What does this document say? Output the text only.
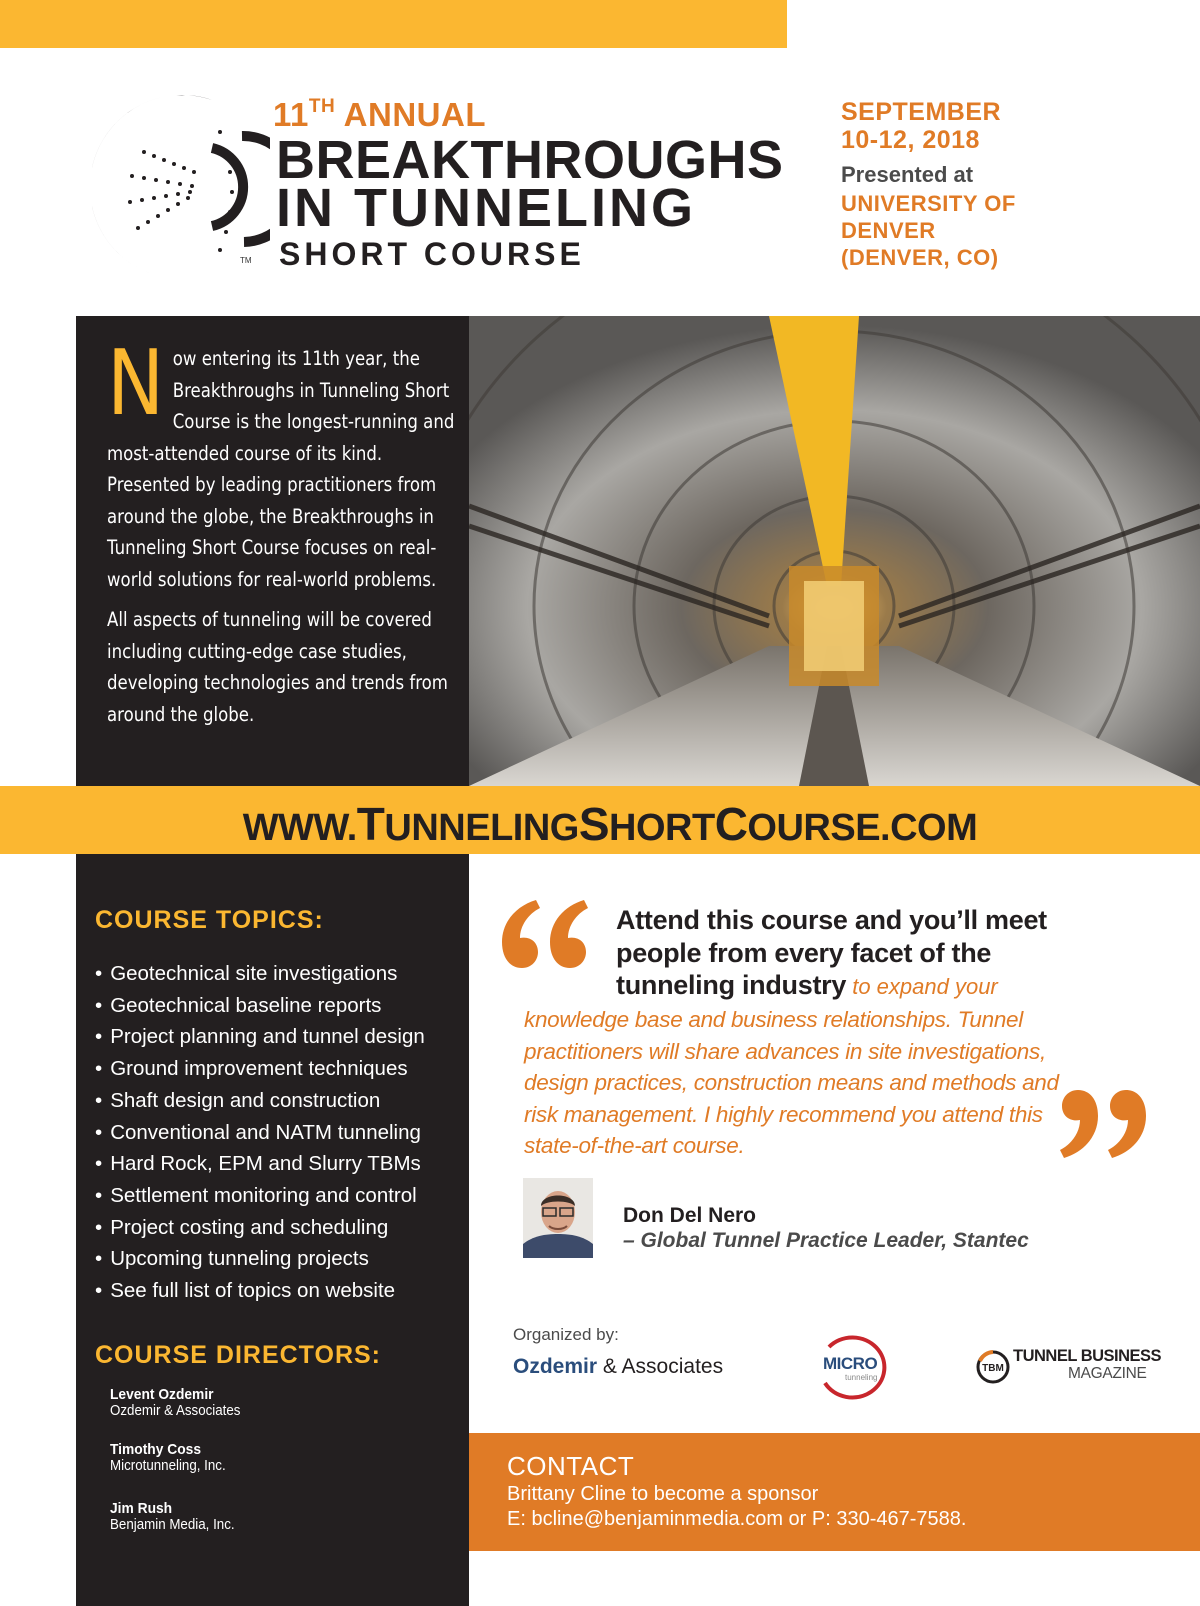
TM
11TH ANNUAL
BREAKTHROUGHS
IN TUNNELING
SHORT COURSE
SEPTEMBER
10-12, 2018
Presented at
UNIVERSITY OF
DENVER
(DENVER, CO)

Now entering its 11th year, the Breakthroughs in Tunneling Short Course is the longest-running and most-attended course of its kind. Presented by leading practitioners from around the globe, the Breakthroughs in Tunneling Short Course focuses on real-world solutions for real-world problems.

All aspects of tunneling will be covered including cutting-edge case studies, developing technologies and trends from around the globe.

WWW.TUNNELINGSHORTCOURSE.COM
COURSE TOPICS:
• Geotechnical site investigations
• Geotechnical baseline reports
• Project planning and tunnel design
• Ground improvement techniques
• Shaft design and construction
• Conventional and NATM tunneling
• Hard Rock, EPM and Slurry TBMs
• Settlement monitoring and control
• Project costing and scheduling
• Upcoming tunneling projects
• See full list of topics on website
COURSE DIRECTORS:
Levent Ozdemir
Ozdemir & Associates
Timothy Coss
Microtunneling, Inc.
Jim Rush
Benjamin Media, Inc.
Attend this course and you’ll meet people from every facet of the tunneling industry to expand your
knowledge base and business relationships. Tunnel practitioners will share advances in site investigations, design practices, construction means and methods and risk management. I highly recommend you attend this state-of-the-art course.
Don Del Nero
– Global Tunnel Practice Leader, Stantec
Organized by:
Ozdemir & Associates	MICRO
tunneling
TBM
TUNNEL BUSINESS
MAGAZINE
CONTACT
Brittany Cline to become a sponsor
E: bcline@benjaminmedia.com or P: 330-467-7588.
